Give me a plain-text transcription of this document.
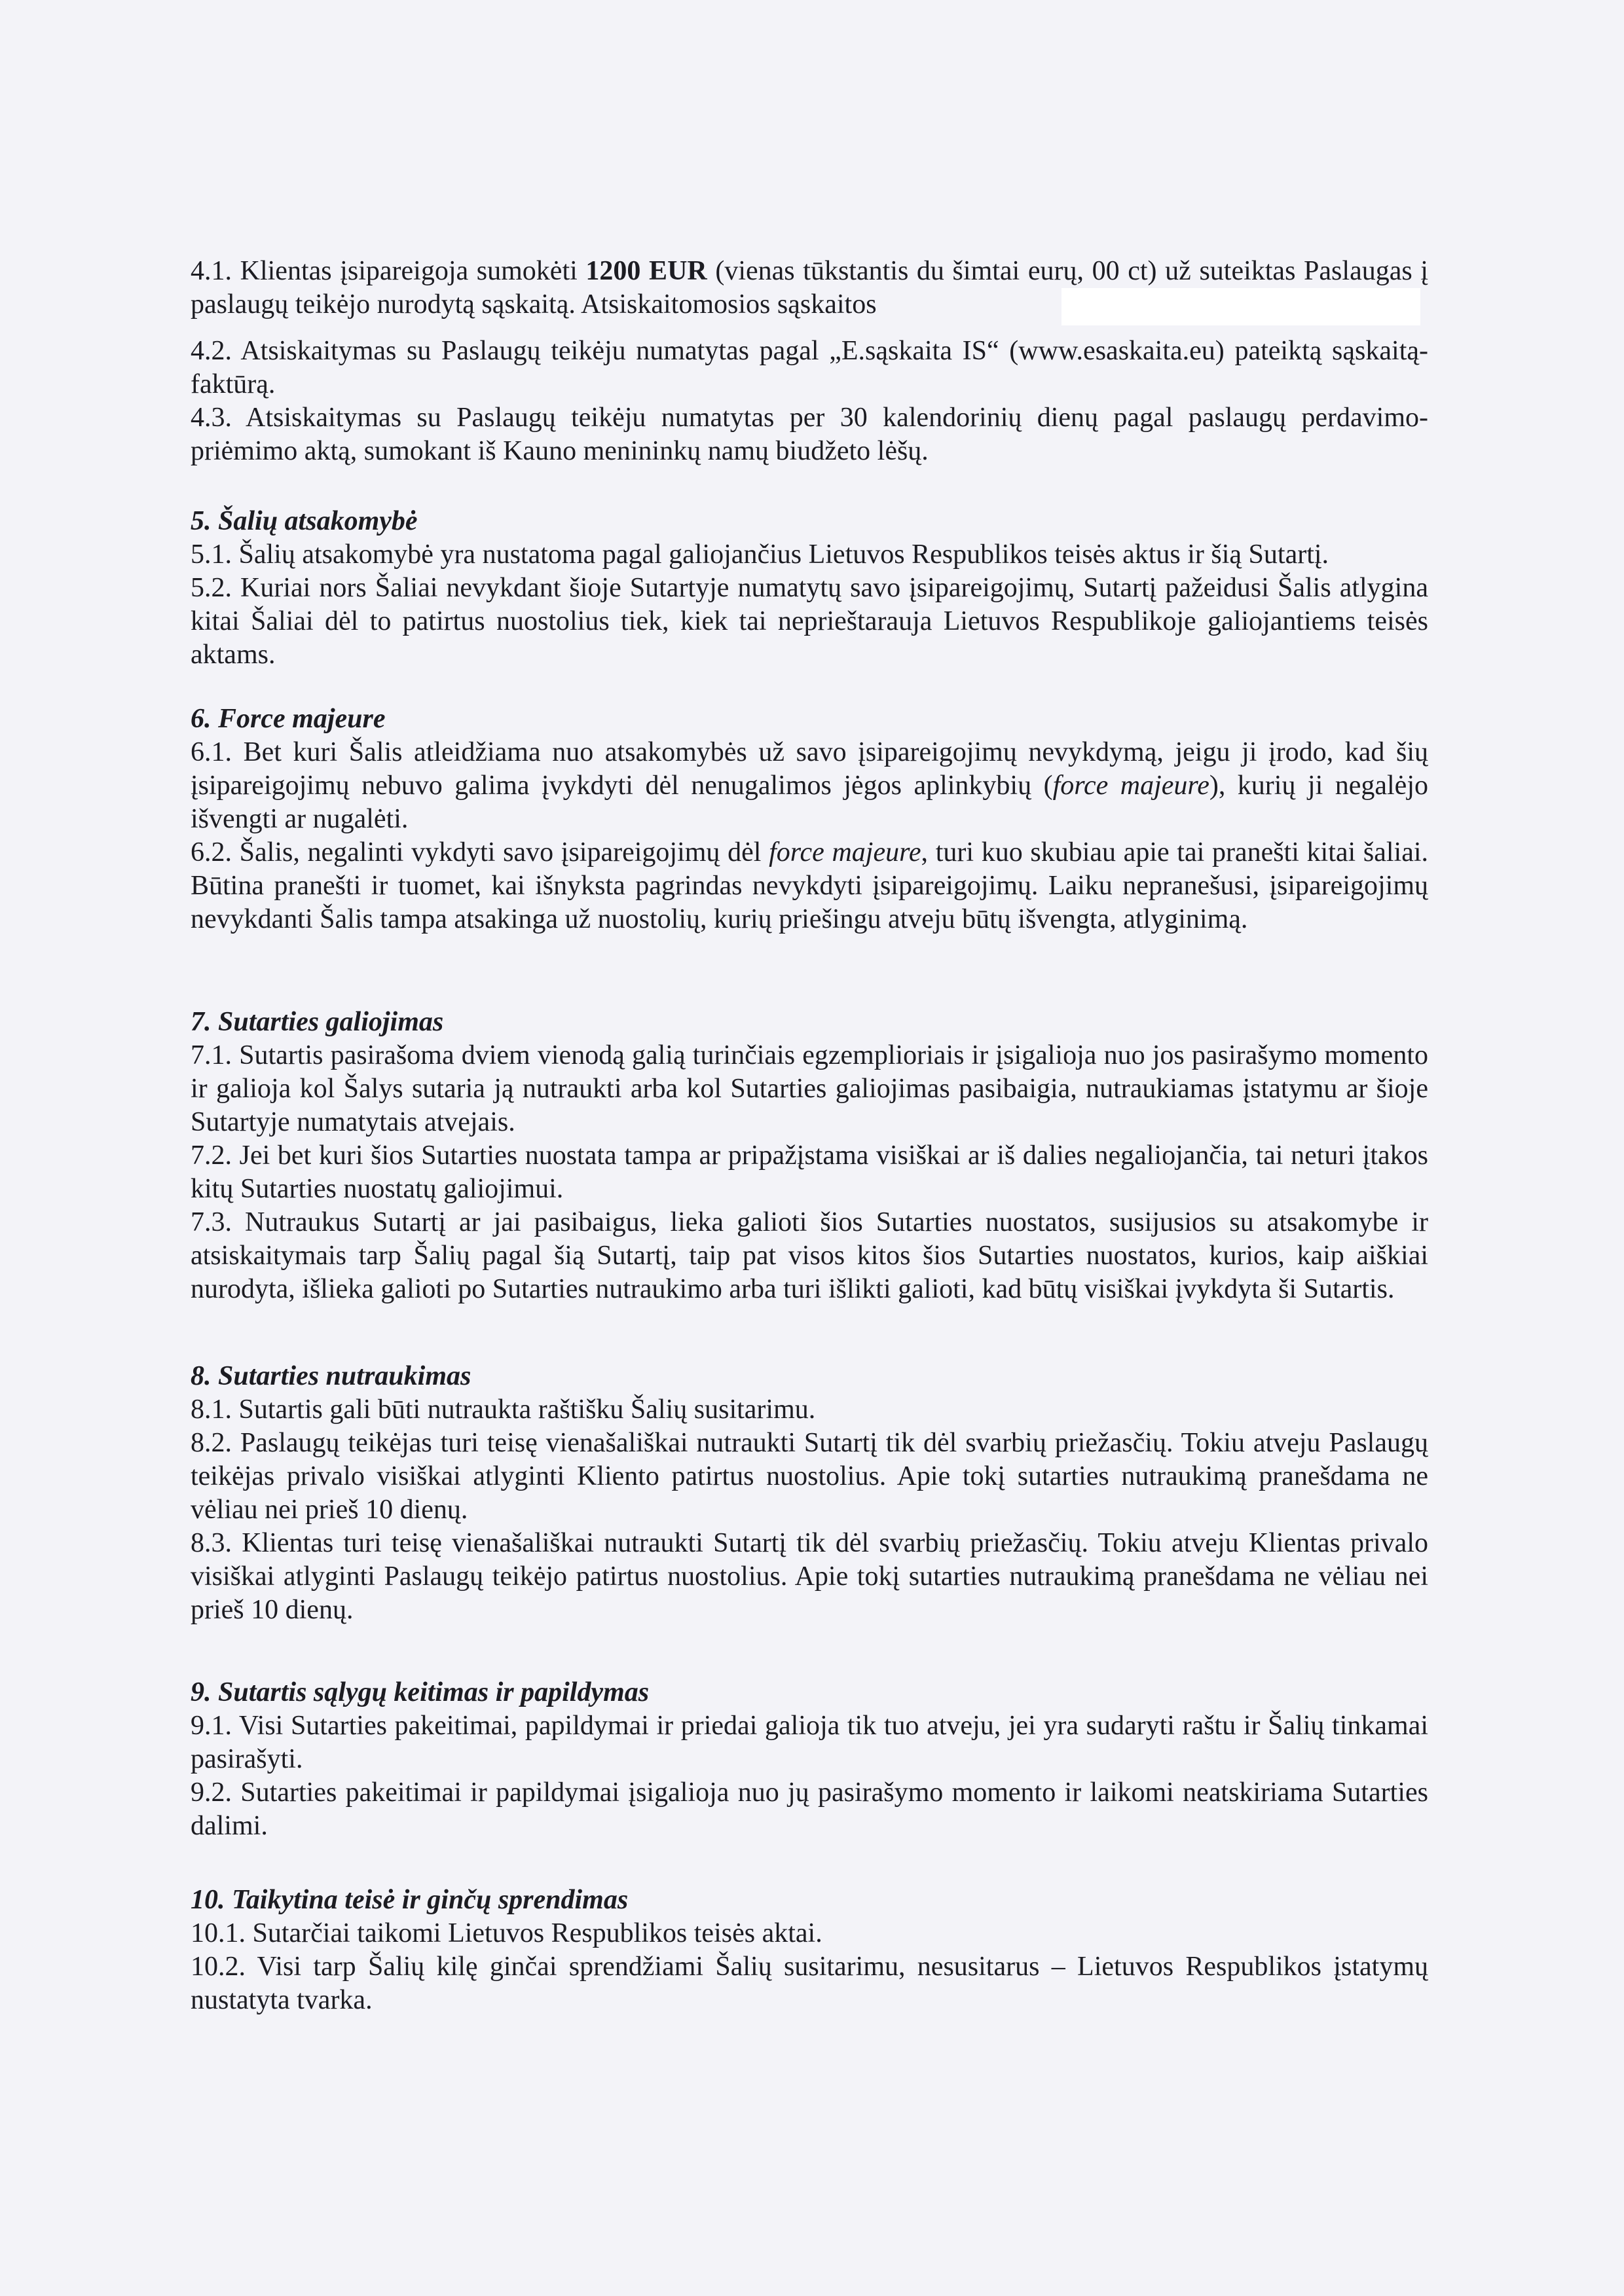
4.1. Klientas įsipareigoja sumokėti 1200 EUR (vienas tūkstantis du šimtai eurų, 00 ct) už suteiktas Paslaugas į paslaugų teikėjo nurodytą sąskaitą. Atsiskaitomosios sąskaitos

4.2. Atsiskaitymas su Paslaugų teikėju numatytas pagal „E.sąskaita IS“ (www.esaskaita.eu) pateiktą sąskaitą-faktūrą.

4.3. Atsiskaitymas su Paslaugų teikėju numatytas per 30 kalendorinių dienų pagal paslaugų perdavimo-priėmimo aktą, sumokant iš Kauno menininkų namų biudžeto lėšų.

5. Šalių atsakomybė

5.1. Šalių atsakomybė yra nustatoma pagal galiojančius Lietuvos Respublikos teisės aktus ir šią Sutartį.

5.2. Kuriai nors Šaliai nevykdant šioje Sutartyje numatytų savo įsipareigojimų, Sutartį pažeidusi Šalis atlygina kitai Šaliai dėl to patirtus nuostolius tiek, kiek tai neprieštarauja Lietuvos Respublikoje galiojantiems teisės aktams.

6. Force majeure

6.1. Bet kuri Šalis atleidžiama nuo atsakomybės už savo įsipareigojimų nevykdymą, jeigu ji įrodo, kad šių įsipareigojimų nebuvo galima įvykdyti dėl nenugalimos jėgos aplinkybių (force majeure), kurių ji negalėjo išvengti ar nugalėti.

6.2. Šalis, negalinti vykdyti savo įsipareigojimų dėl force majeure, turi kuo skubiau apie tai pranešti kitai šaliai. Būtina pranešti ir tuomet, kai išnyksta pagrindas nevykdyti įsipareigojimų. Laiku nepranešusi, įsipareigojimų nevykdanti Šalis tampa atsakinga už nuostolių, kurių priešingu atveju būtų išvengta, atlyginimą.

7. Sutarties galiojimas

7.1. Sutartis pasirašoma dviem vienodą galią turinčiais egzemplioriais ir įsigalioja nuo jos pasirašymo momento ir galioja kol Šalys sutaria ją nutraukti arba kol Sutarties galiojimas pasibaigia, nutraukiamas įstatymu ar šioje Sutartyje numatytais atvejais.

7.2. Jei bet kuri šios Sutarties nuostata tampa ar pripažįstama visiškai ar iš dalies negaliojančia, tai neturi įtakos kitų Sutarties nuostatų galiojimui.

7.3. Nutraukus Sutartį ar jai pasibaigus, lieka galioti šios Sutarties nuostatos, susijusios su atsakomybe ir atsiskaitymais tarp Šalių pagal šią Sutartį, taip pat visos kitos šios Sutarties nuostatos, kurios, kaip aiškiai nurodyta, išlieka galioti po Sutarties nutraukimo arba turi išlikti galioti, kad būtų visiškai įvykdyta ši Sutartis.

8. Sutarties nutraukimas

8.1. Sutartis gali būti nutraukta raštišku Šalių susitarimu.

8.2. Paslaugų teikėjas turi teisę vienašališkai nutraukti Sutartį tik dėl svarbių priežasčių. Tokiu atveju Paslaugų teikėjas privalo visiškai atlyginti Kliento patirtus nuostolius. Apie tokį sutarties nutraukimą pranešdama ne vėliau nei prieš 10 dienų.

8.3. Klientas turi teisę vienašališkai nutraukti Sutartį tik dėl svarbių priežasčių. Tokiu atveju Klientas privalo visiškai atlyginti Paslaugų teikėjo patirtus nuostolius. Apie tokį sutarties nutraukimą pranešdama ne vėliau nei prieš 10 dienų.

9. Sutartis sąlygų keitimas ir papildymas

9.1. Visi Sutarties pakeitimai, papildymai ir priedai galioja tik tuo atveju, jei yra sudaryti raštu ir Šalių tinkamai pasirašyti.

9.2. Sutarties pakeitimai ir papildymai įsigalioja nuo jų pasirašymo momento ir laikomi neatskiriama Sutarties dalimi.

10. Taikytina teisė ir ginčų sprendimas

10.1. Sutarčiai taikomi Lietuvos Respublikos teisės aktai.

10.2. Visi tarp Šalių kilę ginčai sprendžiami Šalių susitarimu, nesusitarus – Lietuvos Respublikos įstatymų nustatyta tvarka.
